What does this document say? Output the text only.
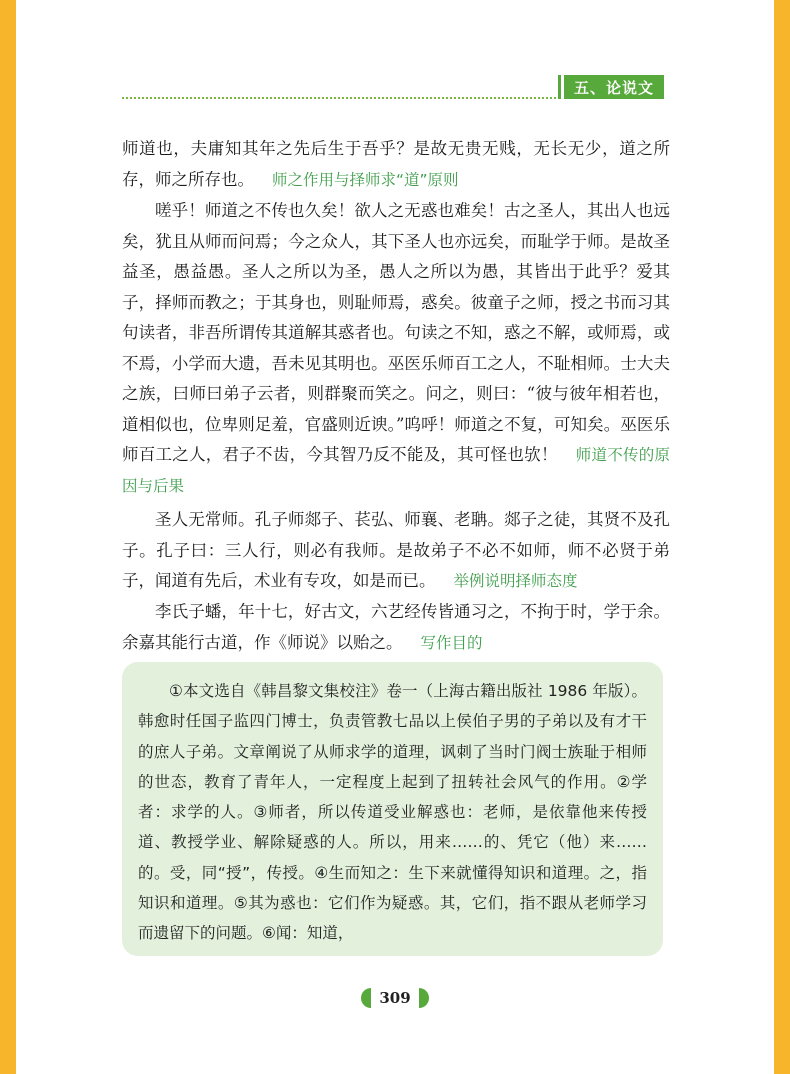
五、论说文
师道也，夫庸知其年之先后生于吾乎？是故无贵无贱，无长无少，道之所存，师之所存也。 师之作用与择师求“道”原则
嗟乎！师道之不传也久矣！欲人之无惑也难矣！古之圣人，其出人也远矣，犹且从师而问焉；今之众人，其下圣人也亦远矣，而耻学于师。是故圣益圣，愚益愚。圣人之所以为圣，愚人之所以为愚，其皆出于此乎？爱其子，择师而教之；于其身也，则耻师焉，惑矣。彼童子之师，授之书而习其句读者，非吾所谓传其道解其惑者也。句读之不知，惑之不解，或师焉，或不焉，小学而大遗，吾未见其明也。巫医乐师百工之人，不耻相师。士大夫之族，曰师曰弟子云者，则群聚而笑之。问之，则曰：“彼与彼年相若也，道相似也，位卑则足羞，官盛则近谀。”呜呼！师道之不复，可知矣。巫医乐师百工之人，君子不齿，今其智乃反不能及，其可怪也欤！ 师道不传的原因与后果
圣人无常师。孔子师郯子、苌弘、师襄、老聃。郯子之徒，其贤不及孔子。孔子曰：三人行，则必有我师。是故弟子不必不如师，师不必贤于弟子，闻道有先后，术业有专攻，如是而已。 举例说明择师态度
李氏子蟠，年十七，好古文，六艺经传皆通习之，不拘于时，学于余。余嘉其能行古道，作《师说》以贻之。 写作目的
①本文选自《韩昌黎文集校注》卷一（上海古籍出版社 1986 年版）。韩愈时任国子监四门博士，负责管教七品以上侯伯子男的子弟以及有才干的庶人子弟。文章阐说了从师求学的道理，讽刺了当时门阀士族耻于相师的世态，教育了青年人，一定程度上起到了扭转社会风气的作用。②学者：求学的人。③师者，所以传道受业解惑也：老师，是依靠他来传授道、教授学业、解除疑惑的人。所以，用来……的、凭它（他）来……的。受，同“授”，传授。④生而知之：生下来就懂得知识和道理。之，指知识和道理。⑤其为惑也：它们作为疑惑。其，它们，指不跟从老师学习而遗留下的问题。⑥闻：知道，
309
